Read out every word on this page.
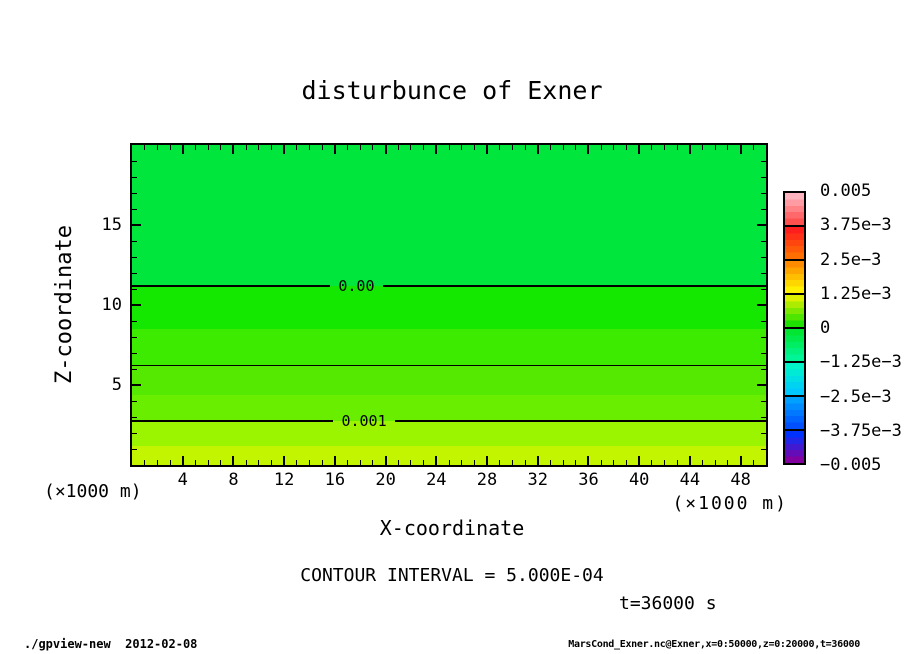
disturbunce of Exner
Z-coordinate	0.00
0.001
4 8 12 16 20 24 28 32 36 40 44 48
5
10
15
(×1000 m)
(×1000 m)
X-coordinate
0.005
3.75e−3
2.5e−3
1.25e−3
0
−1.25e−3
−2.5e−3
−3.75e−3
−0.005
CONTOUR INTERVAL = 5.000E-04
t=36000 s
./gpview-new  2012-02-08	MarsCond_Exner.nc@Exner,x=0:50000,z=0:20000,t=36000
